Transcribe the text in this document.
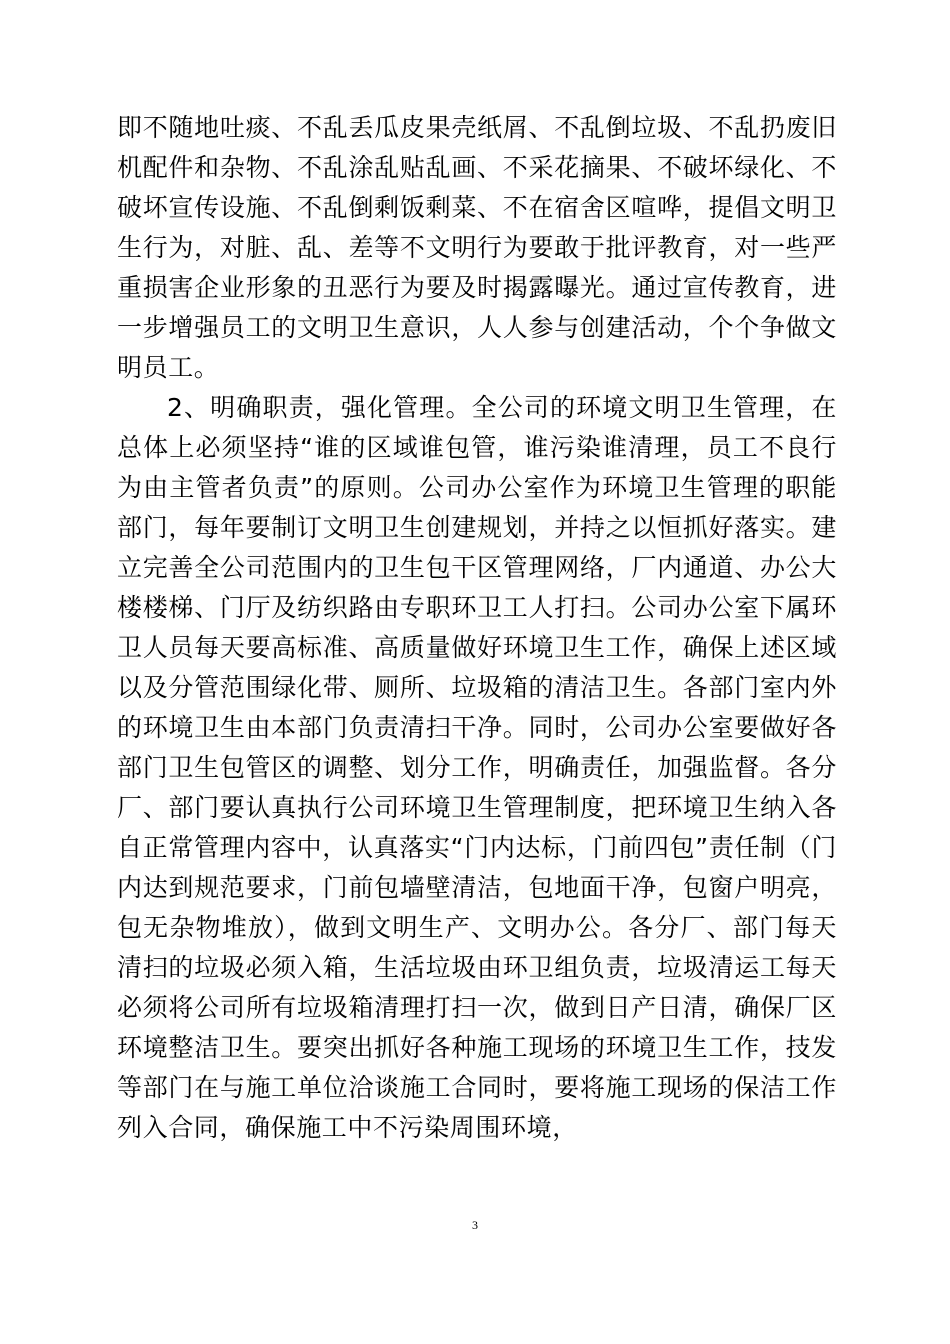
即不随地吐痰、不乱丢瓜皮果壳纸屑、不乱倒垃圾、不乱扔废旧机配件和杂物、不乱涂乱贴乱画、不采花摘果、不破坏绿化、不破坏宣传设施、不乱倒剩饭剩菜、不在宿舍区喧哗，提倡文明卫生行为，对脏、乱、差等不文明行为要敢于批评教育，对一些严重损害企业形象的丑恶行为要及时揭露曝光。通过宣传教育，进一步增强员工的文明卫生意识，人人参与创建活动，个个争做文明员工。

2、明确职责，强化管理。全公司的环境文明卫生管理，在总体上必须坚持“谁的区域谁包管，谁污染谁清理，员工不良行为由主管者负责”的原则。公司办公室作为环境卫生管理的职能部门，每年要制订文明卫生创建规划，并持之以恒抓好落实。建立完善全公司范围内的卫生包干区管理网络，厂内通道、办公大楼楼梯、门厅及纺织路由专职环卫工人打扫。公司办公室下属环卫人员每天要高标准、高质量做好环境卫生工作，确保上述区域以及分管范围绿化带、厕所、垃圾箱的清洁卫生。各部门室内外的环境卫生由本部门负责清扫干净。同时，公司办公室要做好各部门卫生包管区的调整、划分工作，明确责任，加强监督。各分厂、部门要认真执行公司环境卫生管理制度，把环境卫生纳入各自正常管理内容中，认真落实“门内达标，门前四包”责任制（门内达到规范要求，门前包墙壁清洁，包地面干净，包窗户明亮，包无杂物堆放），做到文明生产、文明办公。各分厂、部门每天清扫的垃圾必须入箱，生活垃圾由环卫组负责，垃圾清运工每天必须将公司所有垃圾箱清理打扫一次，做到日产日清，确保厂区环境整洁卫生。要突出抓好各种施工现场的环境卫生工作，技发等部门在与施工单位洽谈施工合同时，要将施工现场的保洁工作列入合同，确保施工中不污染周围环境，

3
